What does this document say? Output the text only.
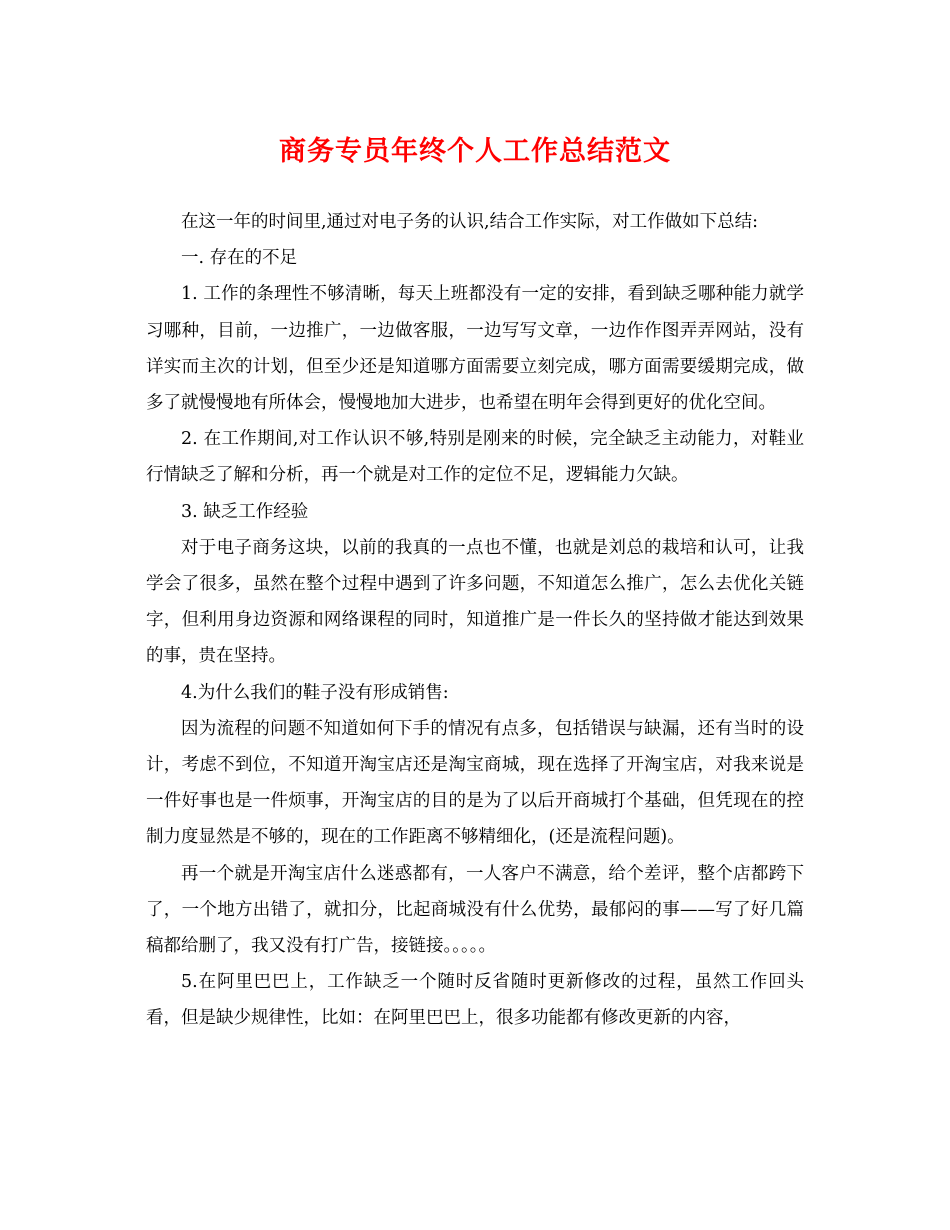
商务专员年终个人工作总结范文

在这一年的时间里,通过对电子务的认识,结合工作实际，对工作做如下总结:

一. 存在的不足

1. 工作的条理性不够清晰，每天上班都没有一定的安排，看到缺乏哪种能力就学习哪种，目前，一边推广，一边做客服，一边写写文章，一边作作图弄弄网站，没有详实而主次的计划，但至少还是知道哪方面需要立刻完成，哪方面需要缓期完成，做多了就慢慢地有所体会，慢慢地加大进步，也希望在明年会得到更好的优化空间。

2. 在工作期间,对工作认识不够,特别是刚来的时候，完全缺乏主动能力，对鞋业行情缺乏了解和分析，再一个就是对工作的定位不足，逻辑能力欠缺。

3. 缺乏工作经验

对于电子商务这块，以前的我真的一点也不懂，也就是刘总的栽培和认可，让我学会了很多，虽然在整个过程中遇到了许多问题，不知道怎么推广，怎么去优化关链字，但利用身边资源和网络课程的同时，知道推广是一件长久的坚持做才能达到效果的事，贵在坚持。

4.为什么我们的鞋子没有形成销售:

因为流程的问题不知道如何下手的情况有点多，包括错误与缺漏，还有当时的设计，考虑不到位，不知道开淘宝店还是淘宝商城，现在选择了开淘宝店，对我来说是一件好事也是一件烦事，开淘宝店的目的是为了以后开商城打个基础，但凭现在的控制力度显然是不够的，现在的工作距离不够精细化，(还是流程问题)。

再一个就是开淘宝店什么迷惑都有，一人客户不满意，给个差评，整个店都跨下了，一个地方出错了，就扣分，比起商城没有什么优势，最郁闷的事——写了好几篇稿都给删了，我又没有打广告，接链接。。。。。

5.在阿里巴巴上，工作缺乏一个随时反省随时更新修改的过程，虽然工作回头看，但是缺少规律性，比如：在阿里巴巴上，很多功能都有修改更新的内容，
